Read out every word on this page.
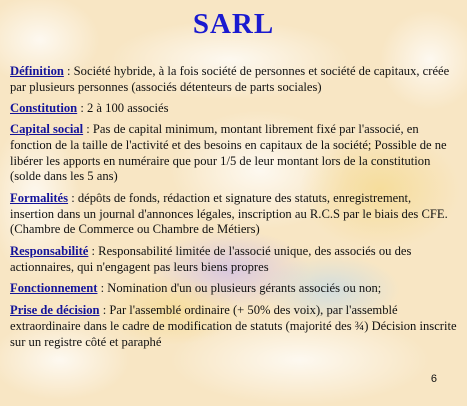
SARL

Définition : Société hybride, à la fois société de personnes et société de capitaux, créée par plusieurs personnes (associés détenteurs de parts sociales)

Constitution : 2 à 100 associés

Capital social : Pas de capital minimum, montant librement fixé par l'associé, en fonction de la taille de l'activité et des besoins en capitaux de la société; Possible de ne libérer les apports en numéraire que pour 1/5 de leur montant lors de la constitution (solde dans les 5 ans)

Formalités : dépôts de fonds, rédaction et signature des statuts, enregistrement, insertion dans un journal d'annonces légales, inscription au R.C.S par le biais des CFE.(Chambre de Commerce ou Chambre de Métiers)

Responsabilité : Responsabilité limitée de l'associé unique, des associés ou des actionnaires, qui n'engagent pas leurs biens propres

Fonctionnement : Nomination d'un ou plusieurs gérants associés ou non;

Prise de décision : Par l'assemblé ordinaire (+ 50% des voix), par l'assemblé extraordinaire dans le cadre de modification de statuts (majorité des ¾) Décision inscrite sur un registre côté et paraphé

6
